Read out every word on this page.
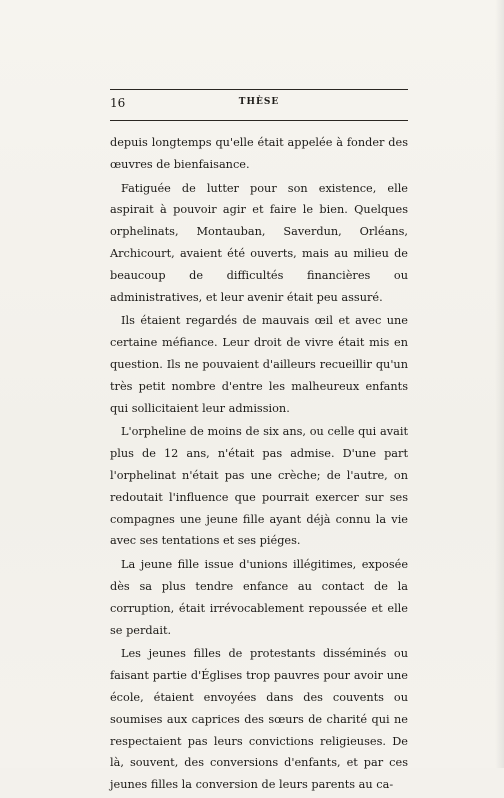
16	THÈSE

depuis longtemps qu'elle était appelée à fonder des œuvres de bienfaisance.

Fatiguée de lutter pour son existence, elle aspirait à pouvoir agir et faire le bien. Quelques orphelinats, Montauban, Saverdun, Orléans, Archicourt, avaient été ouverts, mais au milieu de beaucoup de difficultés financières ou administratives, et leur avenir était peu assuré.

Ils étaient regardés de mauvais œil et avec une certaine méfiance. Leur droit de vivre était mis en question. Ils ne pouvaient d'ailleurs recueillir qu'un très petit nombre d'entre les malheureux enfants qui sollicitaient leur admission.

L'orpheline de moins de six ans, ou celle qui avait plus de 12 ans, n'était pas admise. D'une part l'orphelinat n'était pas une crèche; de l'autre, on redoutait l'influence que pourrait exercer sur ses compagnes une jeune fille ayant déjà connu la vie avec ses tentations et ses piéges.

La jeune fille issue d'unions illégitimes, exposée dès sa plus tendre enfance au contact de la corruption, était irrévocablement repoussée et elle se perdait.

Les jeunes filles de protestants disséminés ou faisant partie d'Églises trop pauvres pour avoir une école, étaient envoyées dans des couvents ou soumises aux caprices des sœurs de charité qui ne respectaient pas leurs convictions religieuses. De là, souvent, des conversions d'enfants, et par ces jeunes filles la conversion de leurs parents au ca-
